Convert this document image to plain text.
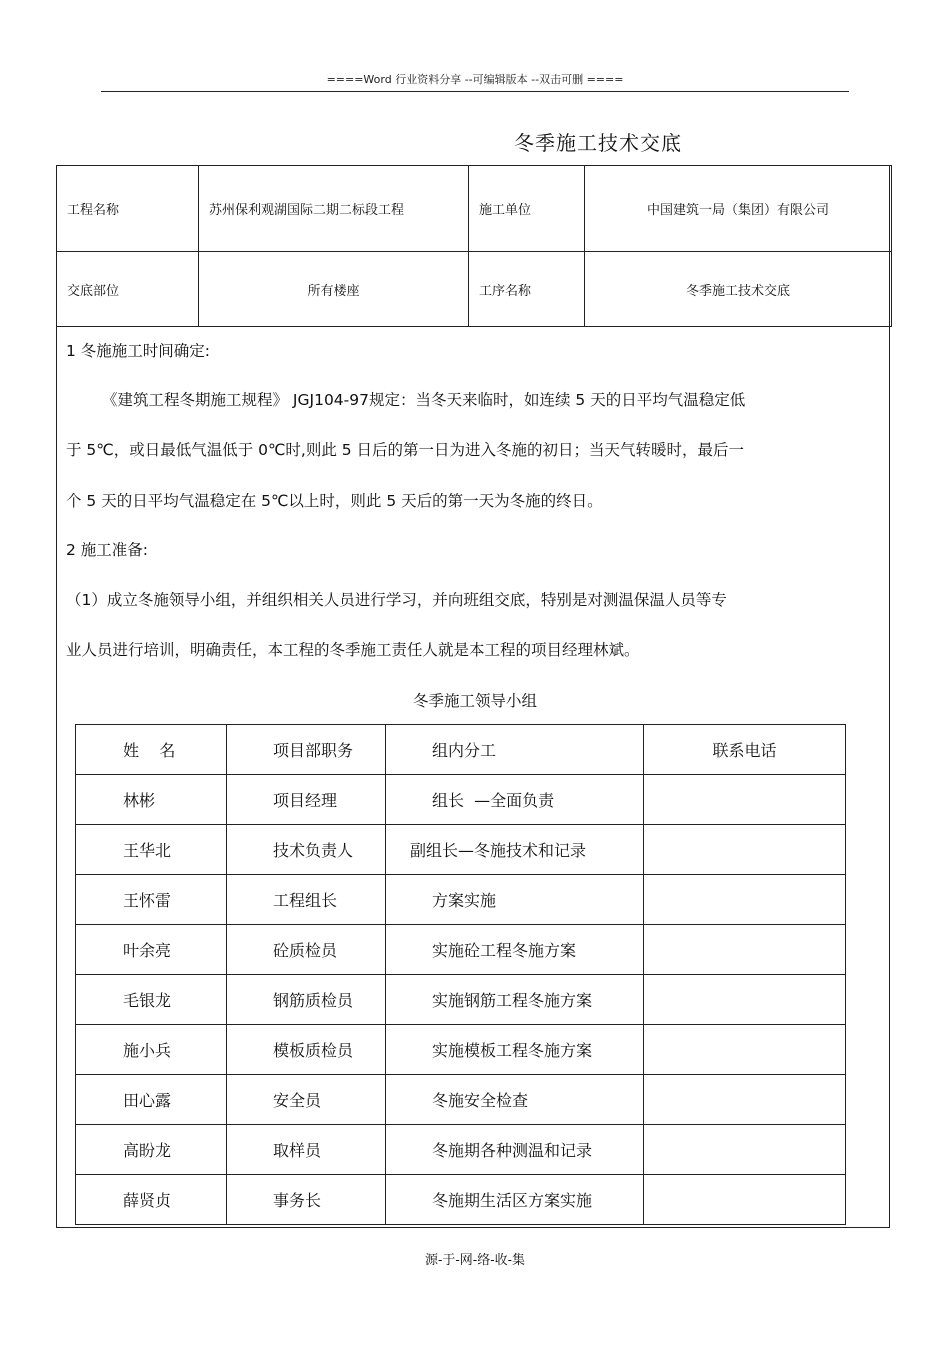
====Word 行业资料分享 --可编辑版本 --双击可删 ====
冬季施工技术交底
工程名称	苏州保利观湖国际二期二标段工程	施工单位	中国建筑一局（集团）有限公司
交底部位	所有楼座	工序名称	冬季施工技术交底
1 冬施施工时间确定:
《建筑工程冬期施工规程》 JGJ104-97规定：当冬天来临时，如连续 5 天的日平均气温稳定低
于 5℃，或日最低气温低于 0℃时,则此 5 日后的第一日为进入冬施的初日；当天气转暖时，最后一
个 5 天的日平均气温稳定在 5℃以上时，则此 5 天后的第一天为冬施的终日。
2 施工准备:
（1）成立冬施领导小组，并组织相关人员进行学习，并向班组交底，特别是对测温保温人员等专
业人员进行培训，明确责任，本工程的冬季施工责任人就是本工程的项目经理林斌。
冬季施工领导小组
姓    名	项目部职务	组内分工	联系电话
林彬	项目经理	组长  —全面负责	
王华北	技术负责人	副组长—冬施技术和记录	
王怀雷	工程组长	方案实施	
叶余亮	砼质检员	实施砼工程冬施方案	
毛银龙	钢筋质检员	实施钢筋工程冬施方案	
施小兵	模板质检员	实施模板工程冬施方案	
田心露	安全员	冬施安全检查	
高盼龙	取样员	冬施期各种测温和记录	
薛贤贞	事务长	冬施期生活区方案实施	
源-于-网-络-收-集
